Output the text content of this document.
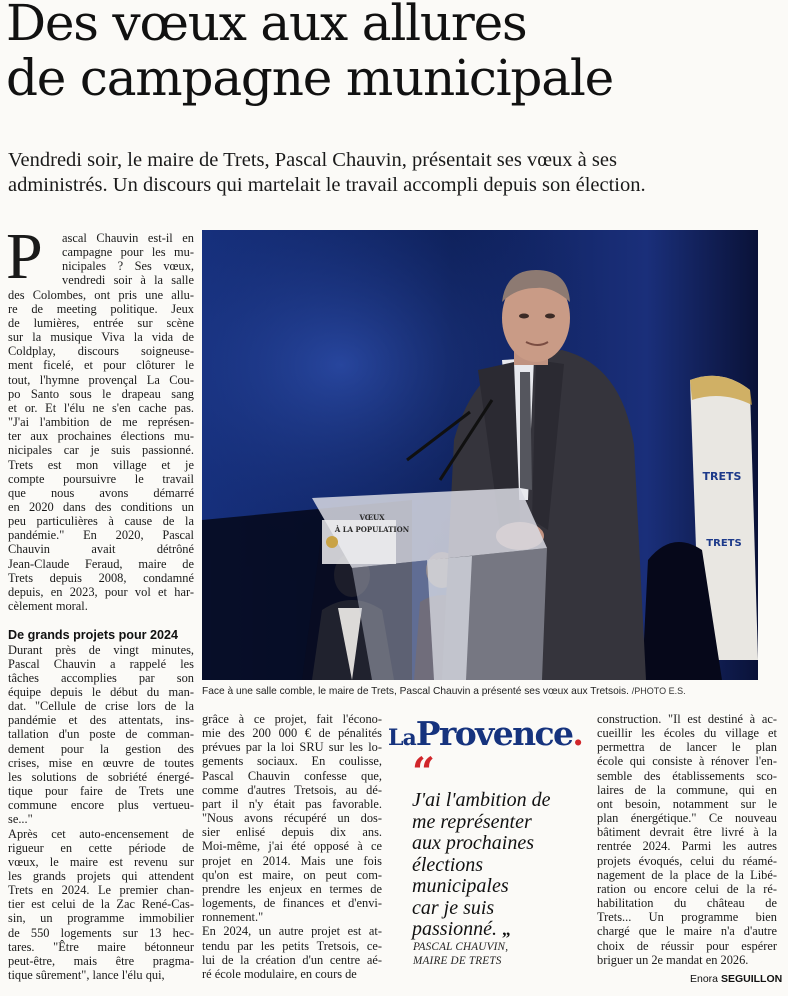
Des vœux aux allures
de campagne municipale

Vendredi soir, le maire de Trets, Pascal Chauvin, présentait ses vœux à ses
administrés. Un discours qui martelait le travail accompli depuis son élection.

P	ascal Chauvin est-il en
campagne pour les mu-
nicipales ? Ses vœux,
vendredi soir à la salle
des Colombes, ont pris une allu-
re de meeting politique. Jeux
de lumières, entrée sur scène
sur la musique Viva la vida de
Coldplay, discours soigneuse-
ment ficelé, et pour clôturer le
tout, l'hymne provençal La Cou-
po Santo sous le drapeau sang
et or. Et l'élu ne s'en cache pas.
"J'ai l'ambition de me représen-
ter aux prochaines élections mu-
nicipales car je suis passionné.
Trets est mon village et je
compte poursuivre le travail
que nous avons démarré
en 2020 dans des conditions un
peu particulières à cause de la
pandémie." En 2020, Pascal
Chauvin avait détrôné
Jean-Claude Feraud, maire de
Trets depuis 2008, condamné
depuis, en 2023, pour vol et har-
cèlement moral.
De grands projets pour 2024
Durant près de vingt minutes,
Pascal Chauvin a rappelé les
tâches accomplies par son
équipe depuis le début du man-
dat. "Cellule de crise lors de la
pandémie et des attentats, ins-
tallation d'un poste de comman-
dement pour la gestion des
crises, mise en œuvre de toutes
les solutions de sobriété énergé-
tique pour faire de Trets une
commune encore plus vertueu-
se..."
Après cet auto-encensement de
rigueur en cette période de
vœux, le maire est revenu sur
les grands projets qui attendent
Trets en 2024. Le premier chan-
tier est celui de la Zac René-Cas-
sin, un programme immobilier
de 550 logements sur 13 hec-
tares. "Être maire bétonneur
peut-être, mais être pragma-
tique sûrement", lance l'élu qui,
TRETS
TRETS
VŒUX
À LA POPULATION
Face à une salle comble, le maire de Trets, Pascal Chauvin a présenté ses vœux aux Tretsois. /PHOTO E.S.
grâce à ce projet, fait l'écono-
mie des 200 000 € de pénalités
prévues par la loi SRU sur les lo-
gements sociaux. En coulisse,
Pascal Chauvin confesse que,
comme d'autres Tretsois, au dé-
part il n'y était pas favorable.
"Nous avons récupéré un dos-
sier enlisé depuis dix ans.
Moi-même, j'ai été opposé à ce
projet en 2014. Mais une fois
qu'on est maire, on peut com-
prendre les enjeux en termes de
logements, de finances et d'envi-
ronnement."
En 2024, un autre projet est at-
tendu par les petits Tretsois, ce-
lui de la création d'un centre aé-
ré école modulaire, en cours de
LaProvence.
“
J'ai l'ambition de
me représenter
aux prochaines
élections
municipales
car je suis
passionné. „
PASCAL CHAUVIN,
MAIRE DE TRETS
construction. "Il est destiné à ac-
cueillir les écoles du village et
permettra de lancer le plan
école qui consiste à rénover l'en-
semble des établissements sco-
laires de la commune, qui en
ont besoin, notamment sur le
plan énergétique." Ce nouveau
bâtiment devrait être livré à la
rentrée 2024. Parmi les autres
projets évoqués, celui du réamé-
nagement de la place de la Libé-
ration ou encore celui de la ré-
habilitation du château de
Trets... Un programme bien
chargé que le maire n'a d'autre
choix de réussir pour espérer
briguer un 2e mandat en 2026.
Enora SEGUILLON
